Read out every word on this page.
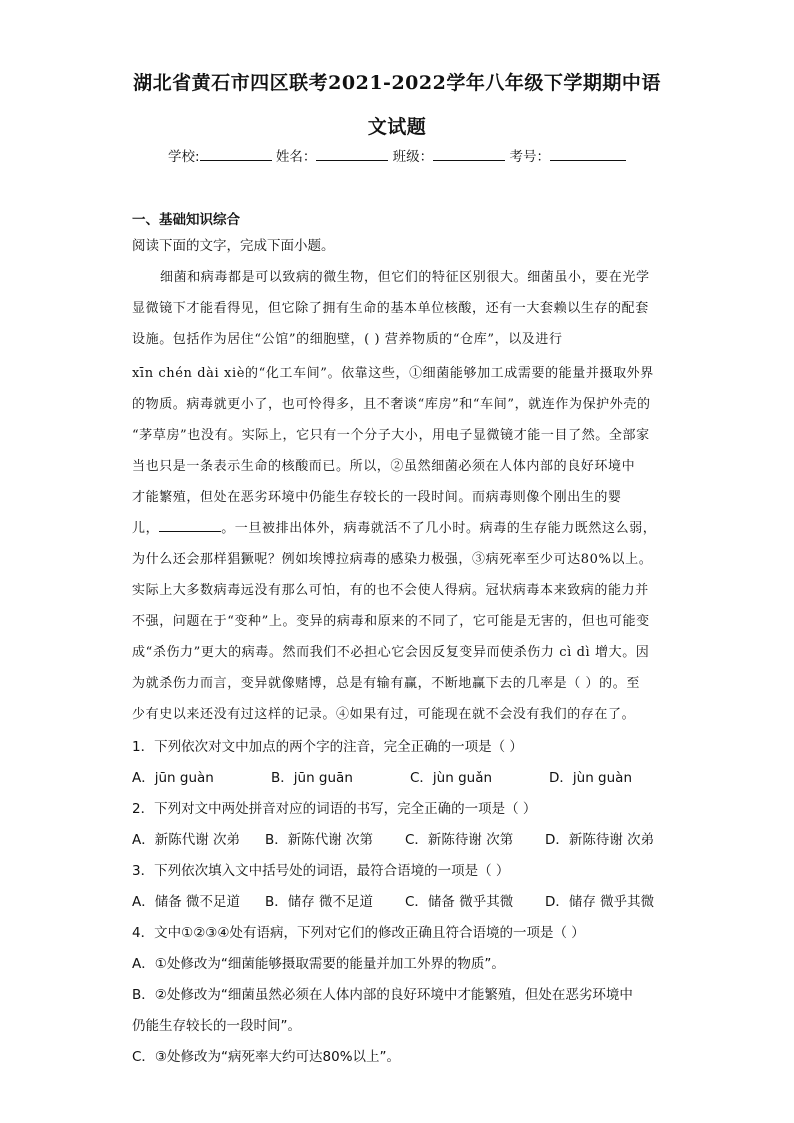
湖北省黄石市四区联考2021-2022学年八年级下学期期中语
文试题
学校:	姓名：	班级：	考号：
一、基础知识综合
阅读下面的文字，完成下面小题。
细菌和病毒都是可以致病的微生物，但它们的特征区别很大。细菌虽小，要在光学
显微镜下才能看得见，但它除了拥有生命的基本单位核酸，还有一大套赖以生存的配套
设施。包括作为居住“公馆”的细胞壁，( ) 营养物质的“仓库”，以及进行
xīn chén dài xiè的“化工车间”。依靠这些，①细菌能够加工成需要的能量并摄取外界
的物质。病毒就更小了，也可怜得多，且不奢谈“库房”和“车间”，就连作为保护外壳的
“茅草房”也没有。实际上，它只有一个分子大小，用电子显微镜才能一目了然。全部家
当也只是一条表示生命的核酸而已。所以，②虽然细菌必须在人体内部的良好环境中
才能繁殖，但处在恶劣环境中仍能生存较长的一段时间。而病毒则像个刚出生的婴
儿，	。一旦被排出体外，病毒就活不了几小时。病毒的生存能力既然这么弱，
为什么还会那样猖獗呢？例如埃博拉病毒的感染力极强，③病死率至少可达80%以上。
实际上大多数病毒远没有那么可怕，有的也不会使人得病。冠状病毒本来致病的能力并
不强，问题在于“变种”上。变异的病毒和原来的不同了，它可能是无害的，但也可能变
成“杀伤力”更大的病毒。然而我们不必担心它会因反复变异而使杀伤力 cì dì 增大。因
为就杀伤力而言，变异就像赌博，总是有输有赢，不断地赢下去的几率是（ ）的。至
少有史以来还没有过这样的记录。④如果有过，可能现在就不会没有我们的存在了。
1．下列依次对文中加点的两个字的注音，完全正确的一项是（ ）
A．jūn guàn	B．jūn guān	C．jùn guǎn	D．jùn guàn
2．下列对文中两处拼音对应的词语的书写，完全正确的一项是（ ）
A．新陈代谢 次弟 B．新陈代谢 次第 C．新陈待谢 次第 D．新陈待谢 次弟
3．下列依次填入文中括号处的词语，最符合语境的一项是（ ）
A．储备 微不足道 B．储存 微不足道 C．储备 微乎其微 D．储存 微乎其微
4．文中①②③④处有语病，下列对它们的修改正确且符合语境的一项是（ ）
A．①处修改为“细菌能够摄取需要的能量并加工外界的物质”。
B．②处修改为“细菌虽然必须在人体内部的良好环境中才能繁殖，但处在恶劣环境中
仍能生存较长的一段时间”。
C．③处修改为“病死率大约可达80%以上”。
